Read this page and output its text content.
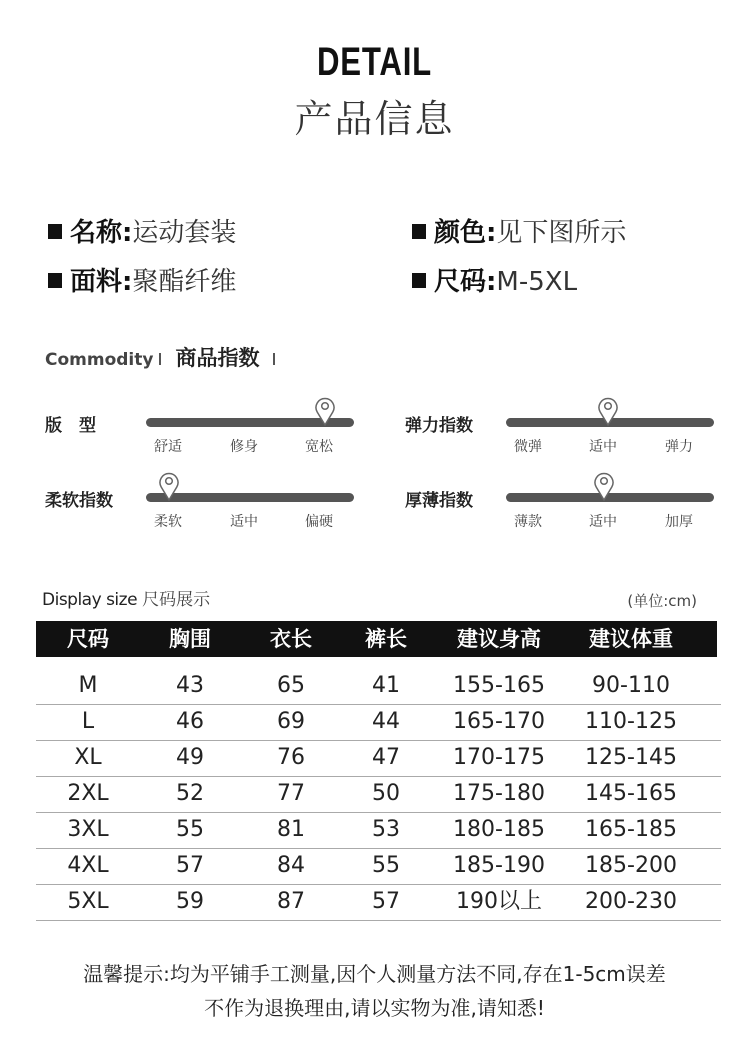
DETAIL
产品信息
名称:运动套装	颜色:见下图所示
面料:聚酯纤维	尺码:M-5XL
Commodity 商品指数
版　型
舒适	修身	宽松
弹力指数
微弹	适中	弹力
柔软指数
柔软	适中	偏硬
厚薄指数
薄款	适中	加厚
Display size 尺码展示	(单位:cm)
尺码	胸围	衣长	裤长	建议身高	建议体重
M	43	65	41	155-165	90-110
L	46	69	44	165-170	110-125
XL	49	76	47	170-175	125-145
2XL	52	77	50	175-180	145-165
3XL	55	81	53	180-185	165-185
4XL	57	84	55	185-190	185-200
5XL	59	87	57	190以上	200-230
温馨提示:均为平铺手工测量,因个人测量方法不同,存在1-5cm误差
不作为退换理由,请以实物为准,请知悉!
